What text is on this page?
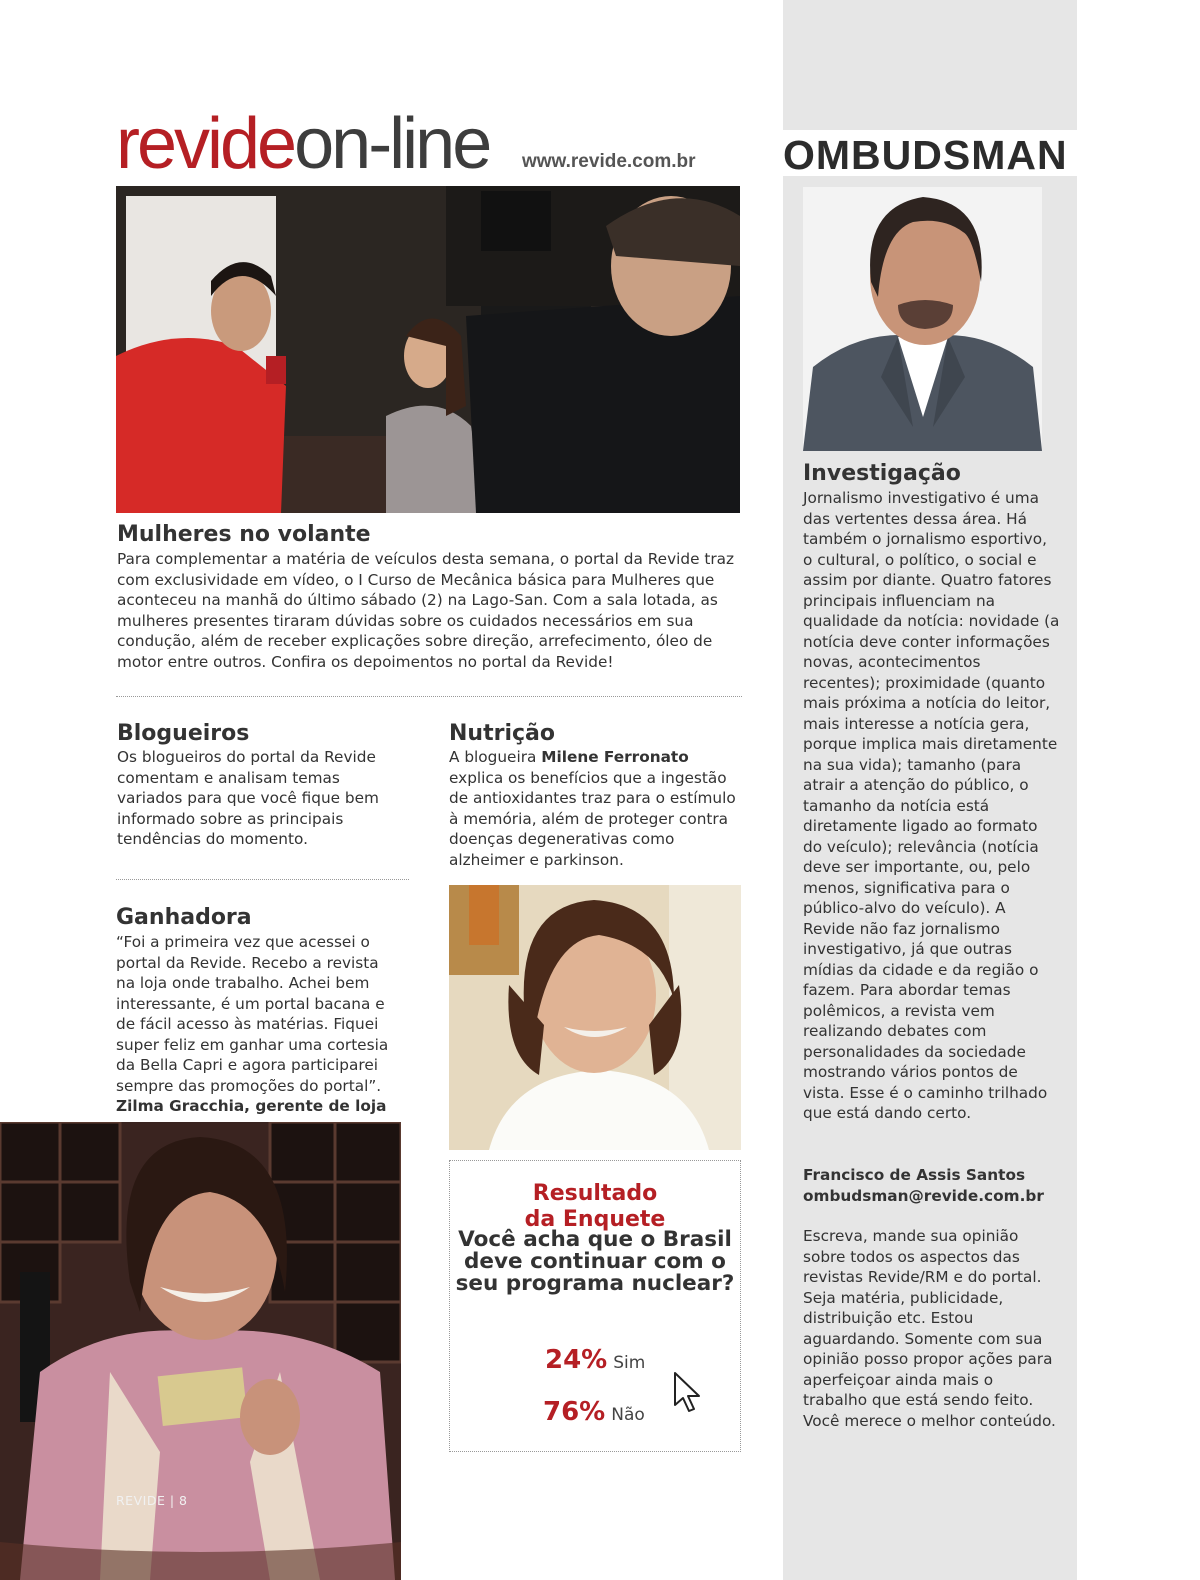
revideon-line www.revide.com.br OMBUDSMAN
Mulheres no volante

Para complementar a matéria de veículos desta semana, o portal da Revide traz com exclusividade em vídeo, o I Curso de Mecânica básica para Mulheres que aconteceu na manhã do último sábado (2) na Lago-San. Com a sala lotada, as mulheres presentes tiraram dúvidas sobre os cuidados necessários em sua condução, além de receber explicações sobre direção, arrefecimento, óleo de motor entre outros. Confira os depoimentos no portal da Revide!

Blogueiros

Os blogueiros do portal da Revide comentam e analisam temas variados para que você fique bem informado sobre as principais tendências do momento.

Nutrição

A blogueira Milene Ferronato explica os benefícios que a ingestão de antioxidantes traz para o estímulo à memória, além de proteger contra doenças degenerativas como alzheimer e parkinson.

Ganhadora

“Foi a primeira vez que acessei o portal da Revide. Recebo a revista na loja onde trabalho. Achei bem interessante, é um portal bacana e de fácil acesso às matérias. Fiquei super feliz em ganhar uma cortesia da Bella Capri e agora participarei sempre das promoções do portal”.
Zilma Gracchia, gerente de loja

Resultado
da Enquete
Você acha que o Brasil deve continuar com o seu programa nuclear?
24% Sim
76% Não
Investigação

Jornalismo investigativo é uma das vertentes dessa área. Há também o jornalismo esportivo, o cultural, o político, o social e assim por diante. Quatro fatores principais influenciam na qualidade da notícia: novidade (a notícia deve conter informações novas, acontecimentos recentes); proximidade (quanto mais próxima a notícia do leitor, mais interesse a notícia gera, porque implica mais diretamente na sua vida); tamanho (para atrair a atenção do público, o tamanho da notícia está diretamente ligado ao formato do veículo); relevância (notícia deve ser importante, ou, pelo menos, significativa para o público-alvo do veículo). A Revide não faz jornalismo investigativo, já que outras mídias da cidade e da região o fazem. Para abordar temas polêmicos, a revista vem realizando debates com personalidades da sociedade mostrando vários pontos de vista. Esse é o caminho trilhado que está dando certo.

Francisco de Assis Santos
ombudsman@revide.com.br

Escreva, mande sua opinião sobre todos os aspectos das revistas Revide/RM e do portal. Seja matéria, publicidade, distribuição etc. Estou aguardando. Somente com sua opinião posso propor ações para aperfeiçoar ainda mais o trabalho que está sendo feito. Você merece o melhor conteúdo.

REVIDE | 8
